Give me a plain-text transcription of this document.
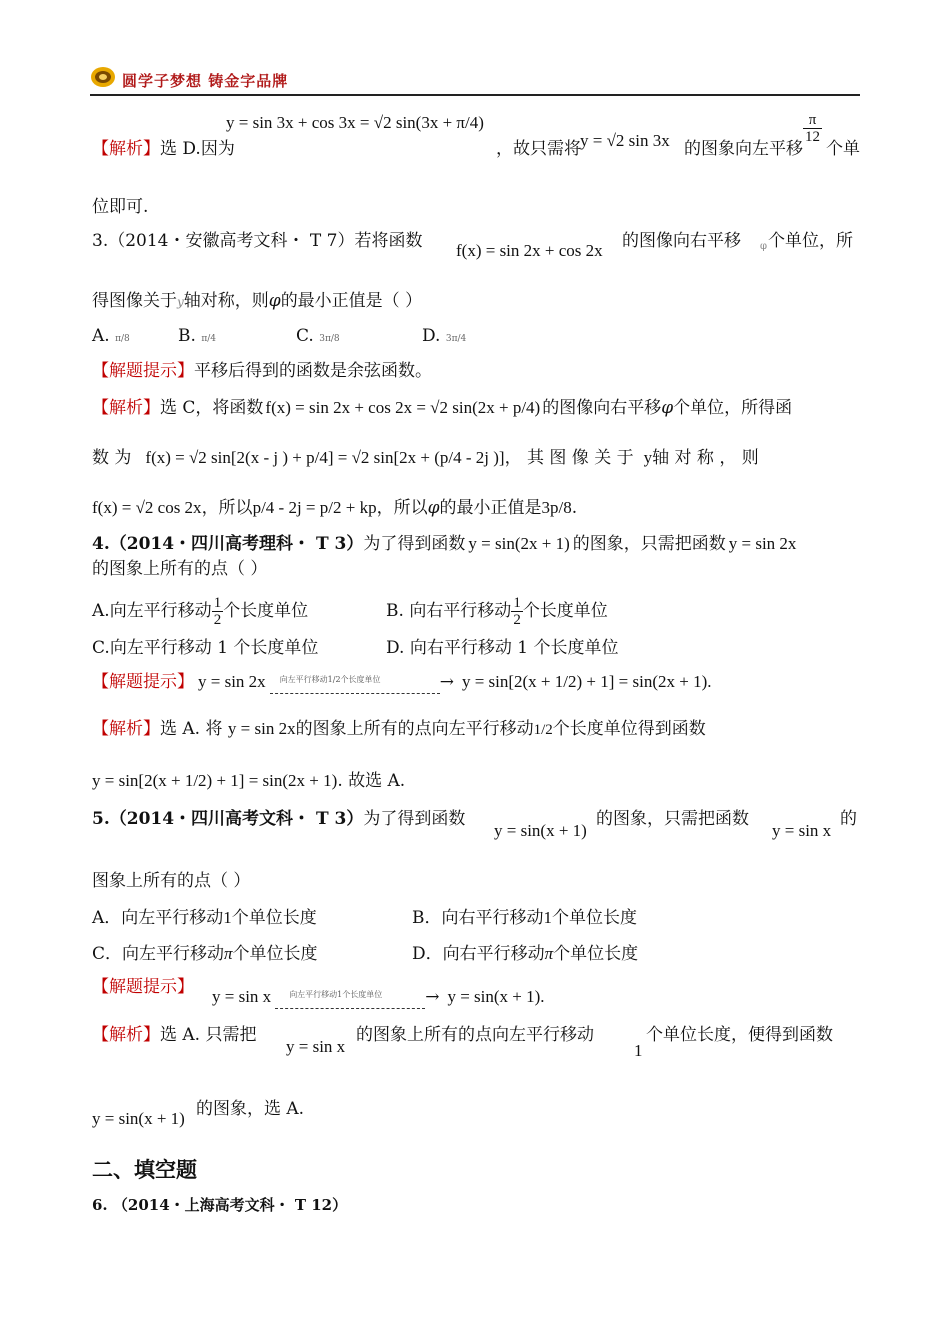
圆学子梦想 铸金字品牌
y = sin 3x + cos 3x = √2 sin(3x + π/4)
【解析】选 D.因为	，故只需将 y = √2 sin 3x 的图象向左平移
$\frac{\pi}{12}$
个单
位即可.
3.（2014・安徽高考文科・ T 7）若将函数 f(x) = sin 2x + cos 2x 的图像向右平移 φ 个单位，所
得图像关于y轴对称，则φ的最小正值是（ ）
A. π/8	B. π/4	C. 3π/8	D. 3π/4
【解题提示】平移后得到的函数是余弦函数。
【解析】选 C，将函数 f(x) = sin 2x + cos 2x = √2 sin(2x + p/4) 的图像向右平移φ个单位，所得函
数 为 f(x) = √2 sin[2(x - j ) + p/4] = √2 sin[2x + (p/4 - 2j )]， 其 图 像 关 于 y轴 对 称 ， 则
f(x) = √2 cos 2x，所以p/4 - 2j = p/2 + kp，所以φ的最小正值是3p/8.
4.（2014・四川高考理科・ T 3）为了得到函数 y = sin(2x + 1) 的图象，只需把函数 y = sin 2x
的图象上所有的点（ ）
A.向左平行移动 $\frac{1}{2}$ 个长度单位	B. 向右平行移动 $\frac{1}{2}$ 个长度单位
C.向左平行移动 1 个长度单位	D. 向右平行移动 1 个长度单位
【解题提示】 y = sin 2x 向左平行移动1/2个长度单位	→ y = sin[2(x + 1/2) + 1] = sin(2x + 1).
【解析】选 A. 将 y = sin 2x的图象上所有的点向左平行移动1/2个长度单位得到函数
y = sin[2(x + 1/2) + 1] = sin(2x + 1). 故选 A.
5.（2014・四川高考文科・ T 3）为了得到函数
y = sin(x + 1)
的图象，只需把函数
y = sin x
的
图象上所有的点（ ）
A．向左平行移动1个单位长度	B．向右平行移动1个单位长度
C．向左平行移动π个单位长度	D．向右平行移动π个单位长度
【解题提示】 y = sin x 向左平行移动1个长度单位	→ y = sin(x + 1).
【解析】选 A. 只需把
y = sin x
的图象上所有的点向左平行移动
1
个单位长度，便得到函数
y = sin(x + 1) 的图象，选 A.
二、填空题
6. （2014・上海高考文科・ T 12）
